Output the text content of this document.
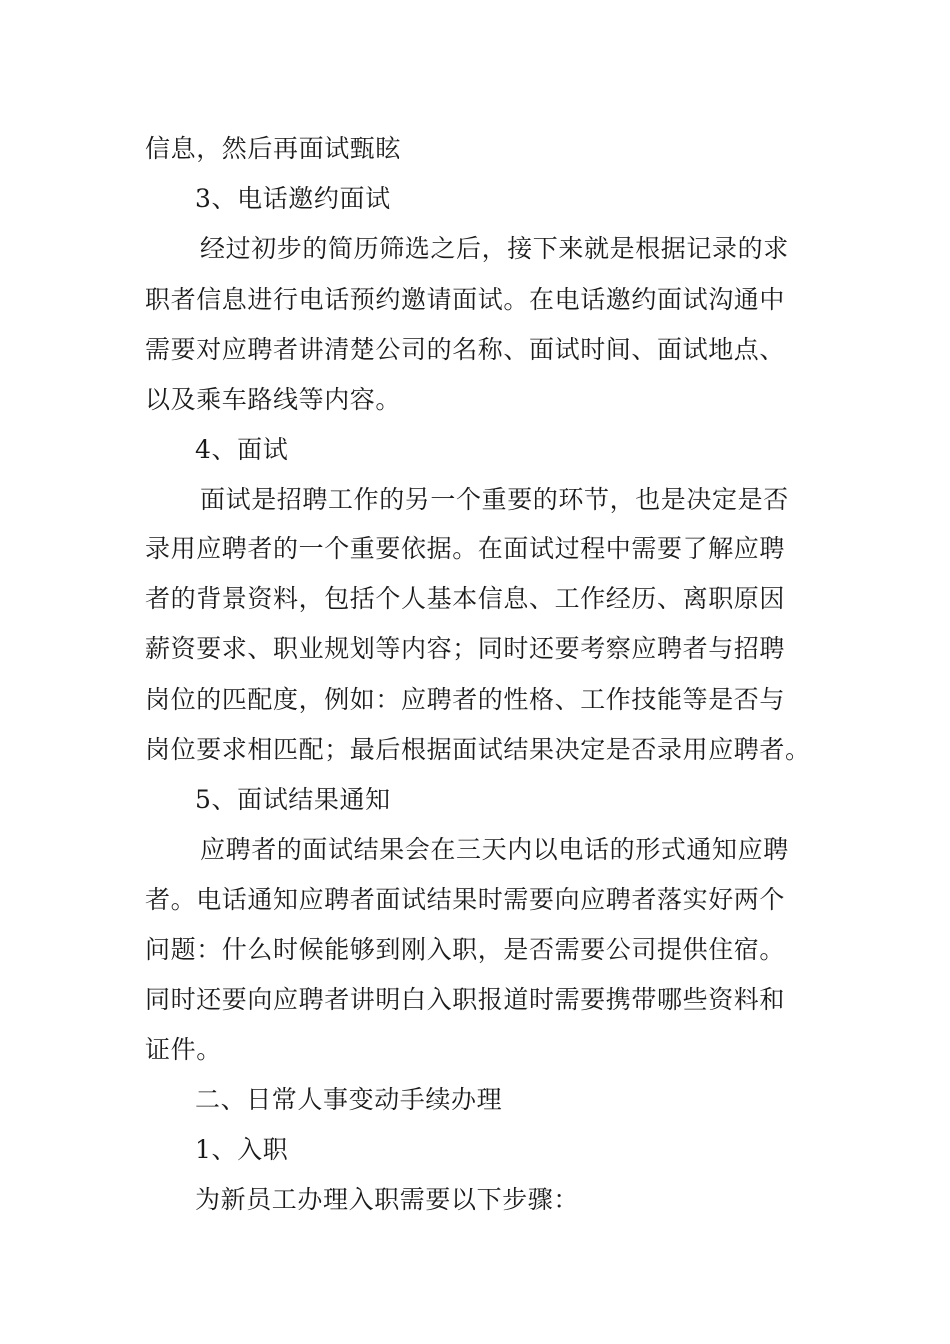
信息，然后再面试甄眩

3、电话邀约面试

经过初步的简历筛选之后，接下来就是根据记录的求

职者信息进行电话预约邀请面试。在电话邀约面试沟通中

需要对应聘者讲清楚公司的名称、面试时间、面试地点、

以及乘车路线等内容。

4、面试

面试是招聘工作的另一个重要的环节，也是决定是否

录用应聘者的一个重要依据。在面试过程中需要了解应聘

者的背景资料，包括个人基本信息、工作经历、离职原因

薪资要求、职业规划等内容；同时还要考察应聘者与招聘

岗位的匹配度，例如：应聘者的性格、工作技能等是否与

岗位要求相匹配；最后根据面试结果决定是否录用应聘者。

5、面试结果通知

应聘者的面试结果会在三天内以电话的形式通知应聘

者。电话通知应聘者面试结果时需要向应聘者落实好两个

问题：什么时候能够到刚入职，是否需要公司提供住宿。

同时还要向应聘者讲明白入职报道时需要携带哪些资料和

证件。

二、日常人事变动手续办理

1、入职

为新员工办理入职需要以下步骤：
